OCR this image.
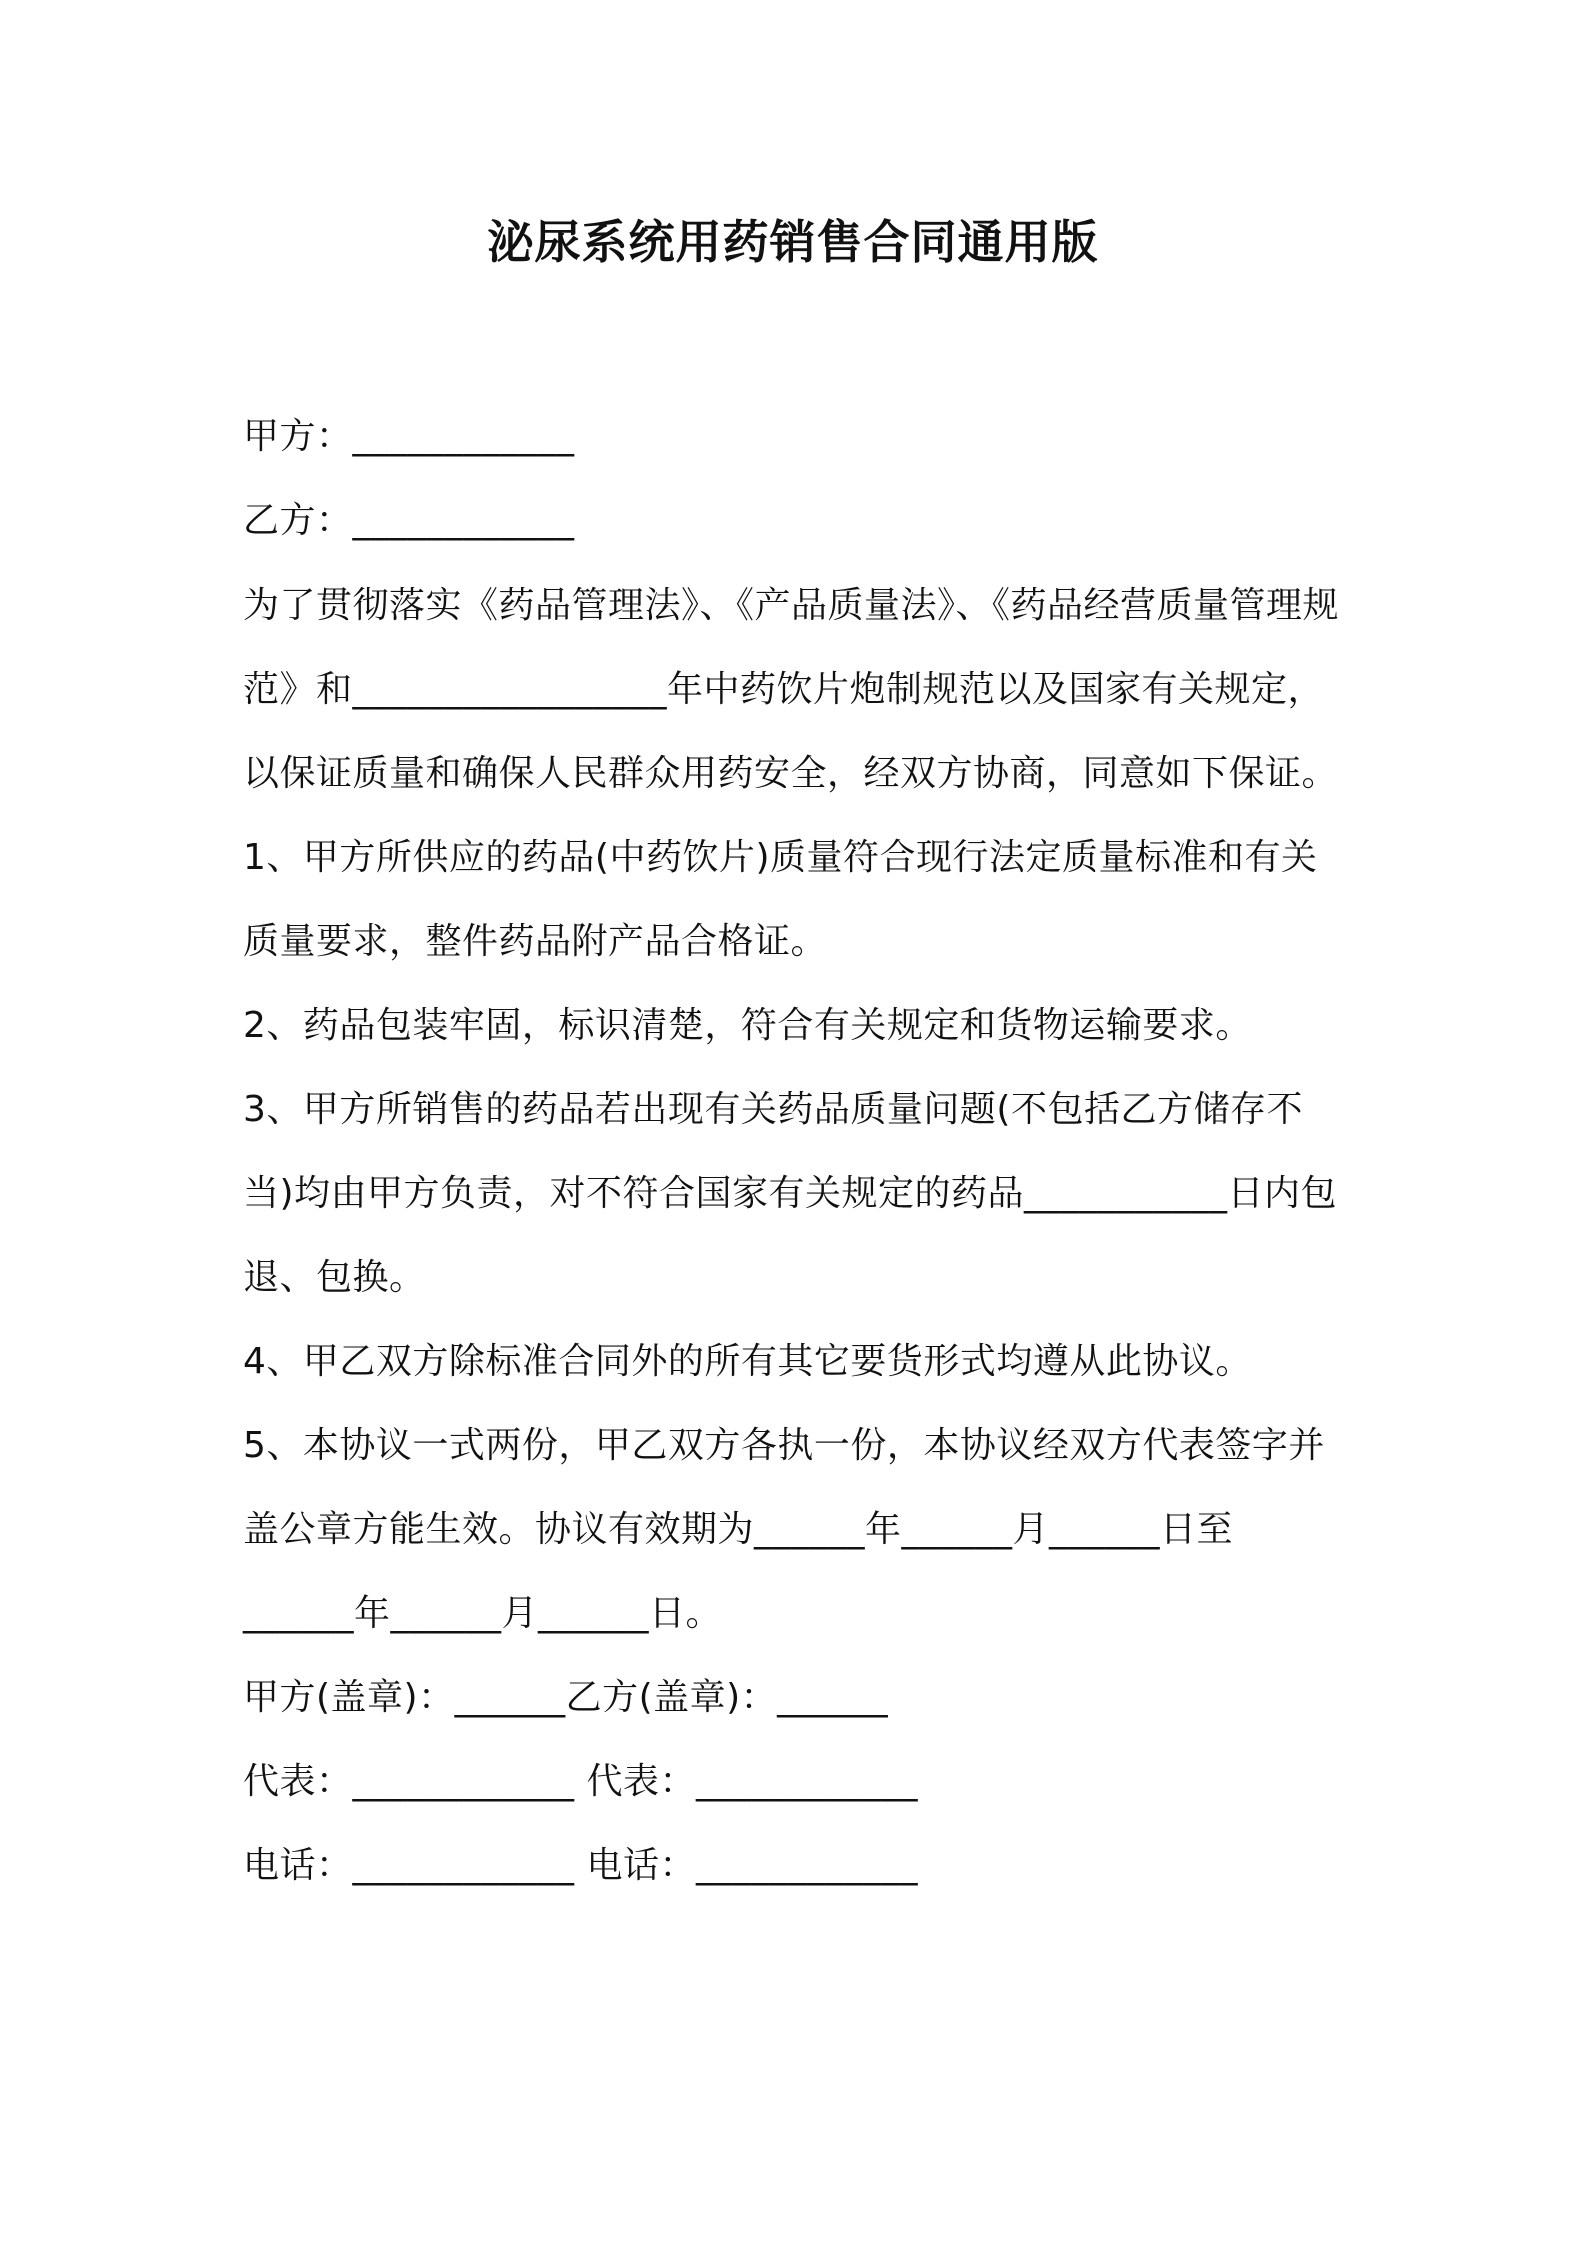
泌尿系统用药销售合同通用版
甲方：____________
乙方：____________
为了贯彻落实《药品管理法》、《产品质量法》、《药品经营质量管理规
范》和_________________年中药饮片炮制规范以及国家有关规定，
以保证质量和确保人民群众用药安全，经双方协商，同意如下保证。
1、甲方所供应的药品(中药饮片)质量符合现行法定质量标准和有关
质量要求，整件药品附产品合格证。
2、药品包装牢固，标识清楚，符合有关规定和货物运输要求。
3、甲方所销售的药品若出现有关药品质量问题(不包括乙方储存不
当)均由甲方负责，对不符合国家有关规定的药品___________日内包
退、包换。
4、甲乙双方除标准合同外的所有其它要货形式均遵从此协议。
5、本协议一式两份，甲乙双方各执一份，本协议经双方代表签字并
盖公章方能生效。协议有效期为______年______月______日至
______年______月______日。
甲方(盖章)：______乙方(盖章)：______
代表：____________ 代表：____________
电话：____________ 电话：____________
